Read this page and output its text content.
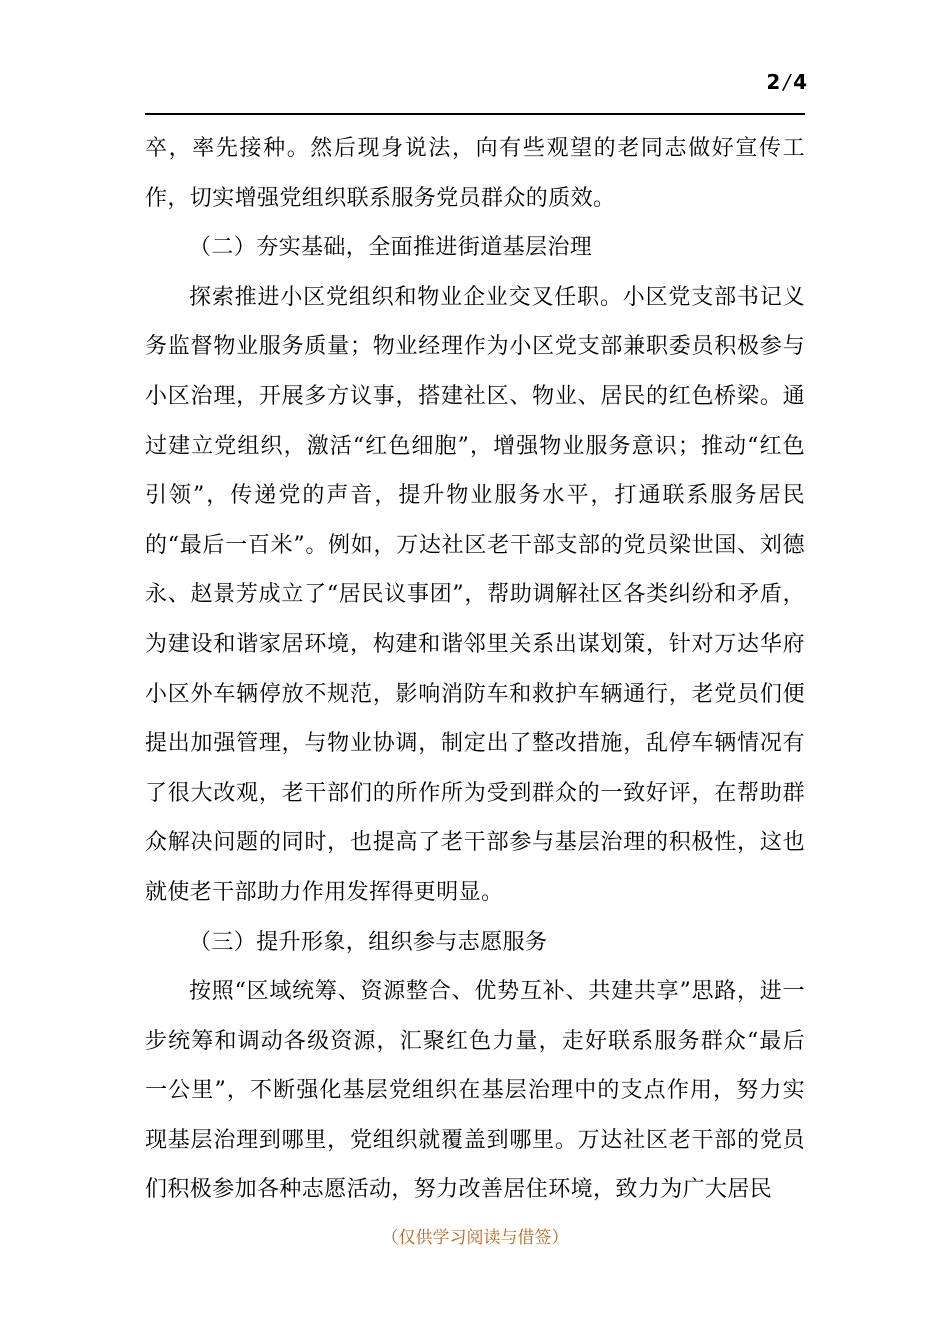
2 / 4

卒，率先接种。然后现身说法，向有些观望的老同志做好宣传工作，切实增强党组织联系服务党员群众的质效。

（二）夯实基础，全面推进街道基层治理

探索推进小区党组织和物业企业交叉任职。小区党支部书记义务监督物业服务质量；物业经理作为小区党支部兼职委员积极参与小区治理，开展多方议事，搭建社区、物业、居民的红色桥梁。通过建立党组织，激活“红色细胞”，增强物业服务意识；推动“红色引领”，传递党的声音，提升物业服务水平，打通联系服务居民的“最后一百米”。例如，万达社区老干部支部的党员梁世国、刘德永、赵景芳成立了“居民议事团”，帮助调解社区各类纠纷和矛盾，为建设和谐家居环境，构建和谐邻里关系出谋划策，针对万达华府小区外车辆停放不规范，影响消防车和救护车辆通行，老党员们便提出加强管理，与物业协调，制定出了整改措施，乱停车辆情况有了很大改观，老干部们的所作所为受到群众的一致好评，在帮助群众解决问题的同时，也提高了老干部参与基层治理的积极性，这也就使老干部助力作用发挥得更明显。

（三）提升形象，组织参与志愿服务

按照“区域统筹、资源整合、优势互补、共建共享”思路，进一步统筹和调动各级资源，汇聚红色力量，走好联系服务群众“最后一公里”，不断强化基层党组织在基层治理中的支点作用，努力实现基层治理到哪里，党组织就覆盖到哪里。万达社区老干部的党员们积极参加各种志愿活动，努力改善居住环境，致力为广大居民

（仅供学习阅读与借签）
